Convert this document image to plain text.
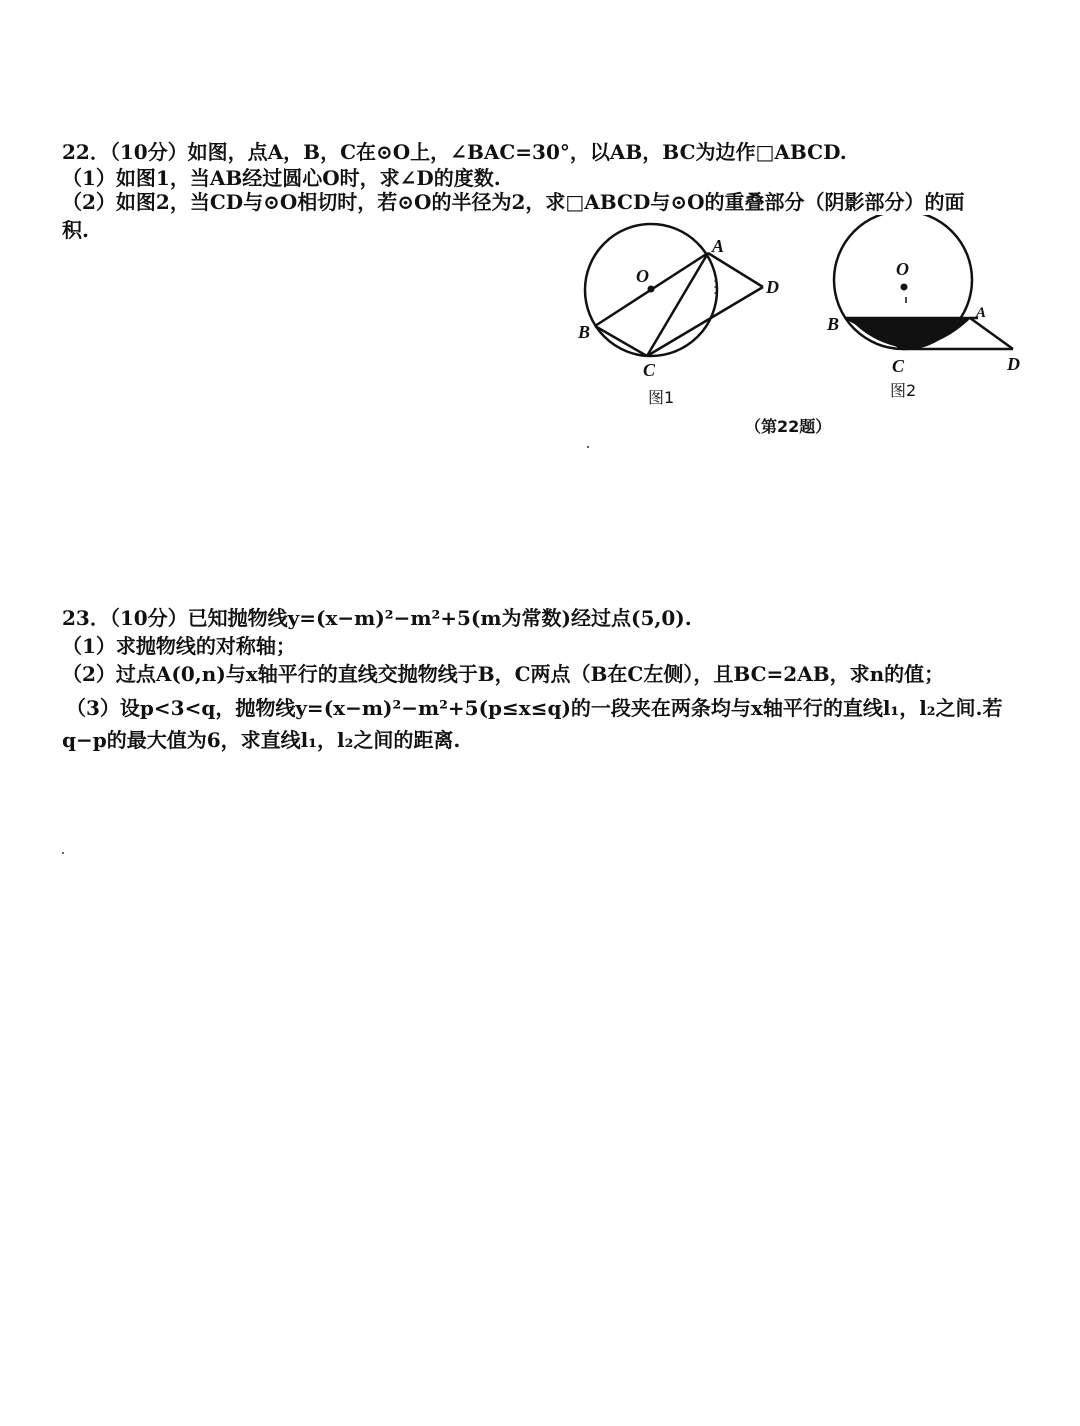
22．（10分）如图，点A，B，C在⊙O上，∠BAC=30°，以AB，BC为边作□ABCD.
（1）如图1，当AB经过圆心O时，求∠D的度数.
（2）如图2，当CD与⊙O相切时，若⊙O的半径为2，求□ABCD与⊙O的重叠部分（阴影部分）的面
积.
O
A
B
C
D
图1
O
A
B
C	D
图2
（第22题）
23．（10分）已知抛物线y=(x−m)²−m²+5(m为常数)经过点(5,0).
（1）求抛物线的对称轴；
（2）过点A(0,n)与x轴平行的直线交抛物线于B，C两点（B在C左侧），且BC=2AB，求n的值；
（3）设p<3<q，抛物线y=(x−m)²−m²+5(p≤x≤q)的一段夹在两条均与x轴平行的直线l₁，l₂之间.若
q−p的最大值为6，求直线l₁，l₂之间的距离.
